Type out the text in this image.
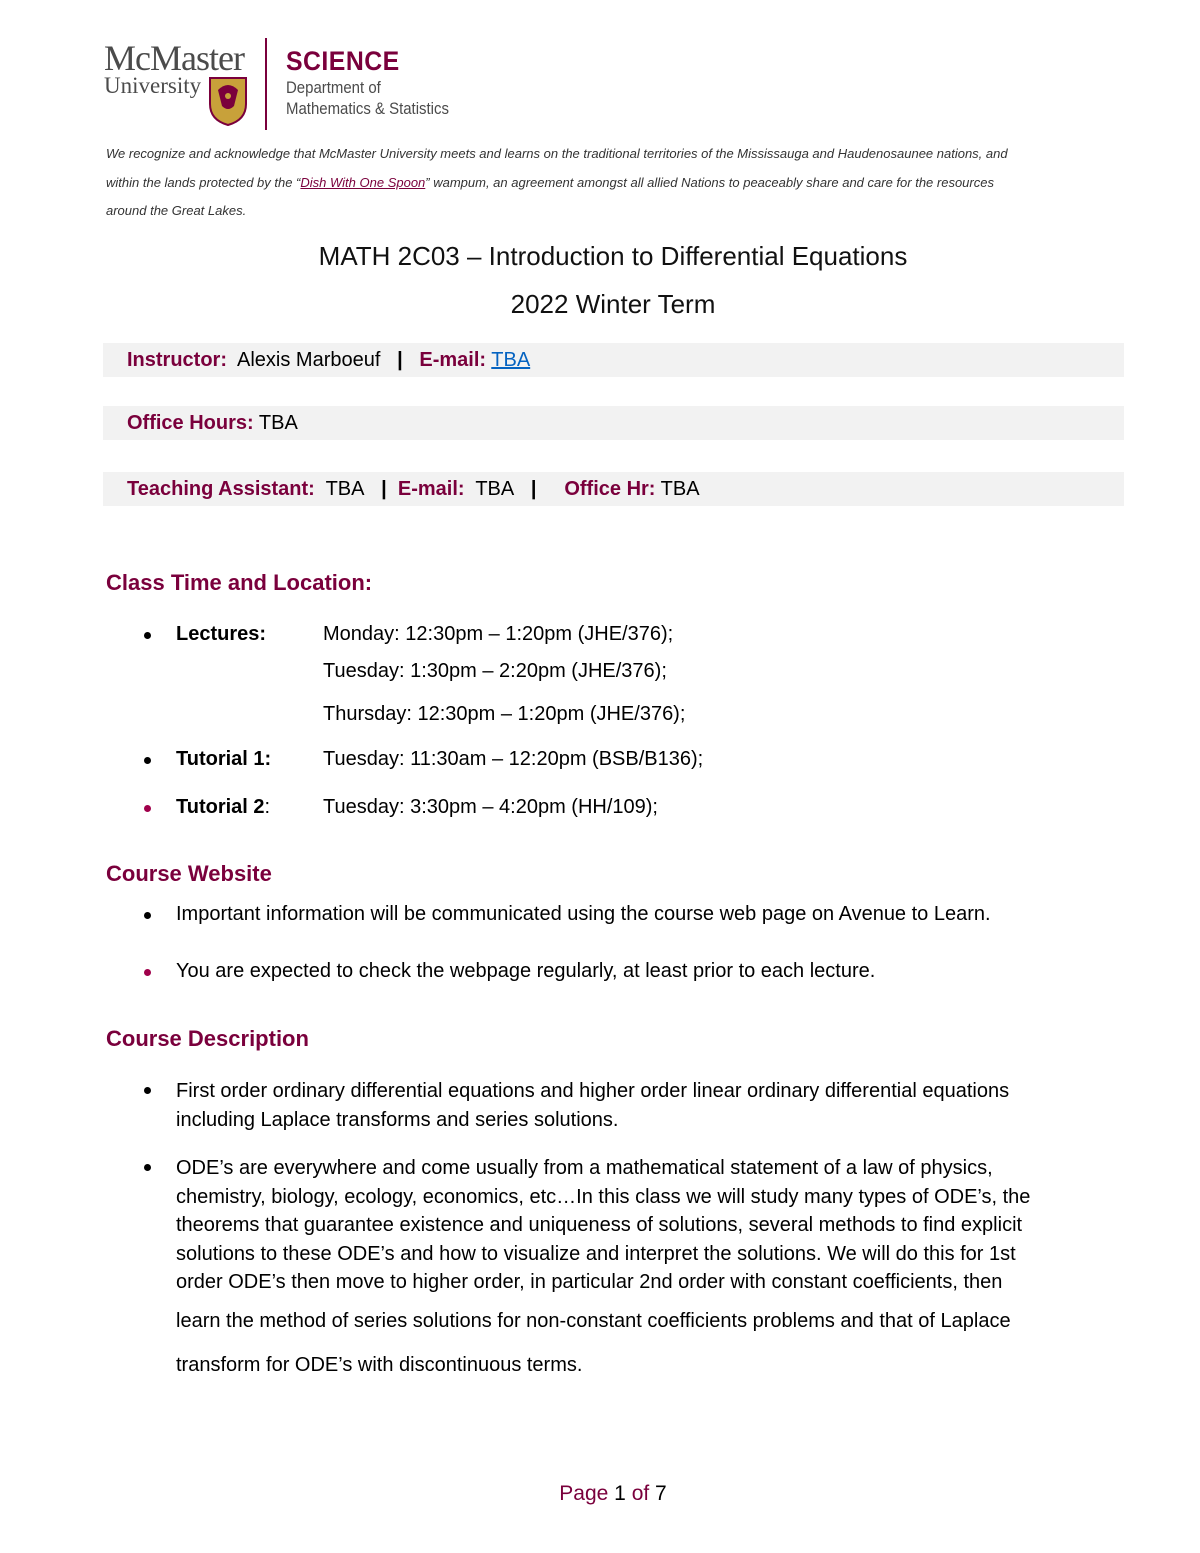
McMaster
University
SCIENCE
Department of
Mathematics & Statistics
We recognize and acknowledge that McMaster University meets and learns on the traditional territories of the Mississauga and Haudenosaunee nations, and
within the lands protected by the “Dish With One Spoon” wampum, an agreement amongst all allied Nations to peaceably share and care for the resources
around the Great Lakes.
MATH 2C03 – Introduction to Differential Equations
2022 Winter Term
Instructor: Alexis Marboeuf | E-mail: TBA
Office Hours: TBA
Teaching Assistant: TBA | E-mail: TBA | Office Hr: TBA
Class Time and Location:
Lectures:	Monday: 12:30pm – 1:20pm (JHE/376);
Tuesday: 1:30pm – 2:20pm (JHE/376);
Thursday: 12:30pm – 1:20pm (JHE/376);
Tutorial 1:	Tuesday: 11:30am – 12:20pm (BSB/B136);
Tutorial 2:	Tuesday: 3:30pm – 4:20pm (HH/109);
Course Website
Important information will be communicated using the course web page on Avenue to Learn.
You are expected to check the webpage regularly, at least prior to each lecture.
Course Description
First order ordinary differential equations and higher order linear ordinary differential equations
including Laplace transforms and series solutions.
ODE’s are everywhere and come usually from a mathematical statement of a law of physics,
chemistry, biology, ecology, economics, etc…In this class we will study many types of ODE’s, the
theorems that guarantee existence and uniqueness of solutions, several methods to find explicit
solutions to these ODE’s and how to visualize and interpret the solutions. We will do this for 1st
order ODE’s then move to higher order, in particular 2nd order with constant coefficients, then
learn the method of series solutions for non-constant coefficients problems and that of Laplace
transform for ODE’s with discontinuous terms.
Page 1 of 7
